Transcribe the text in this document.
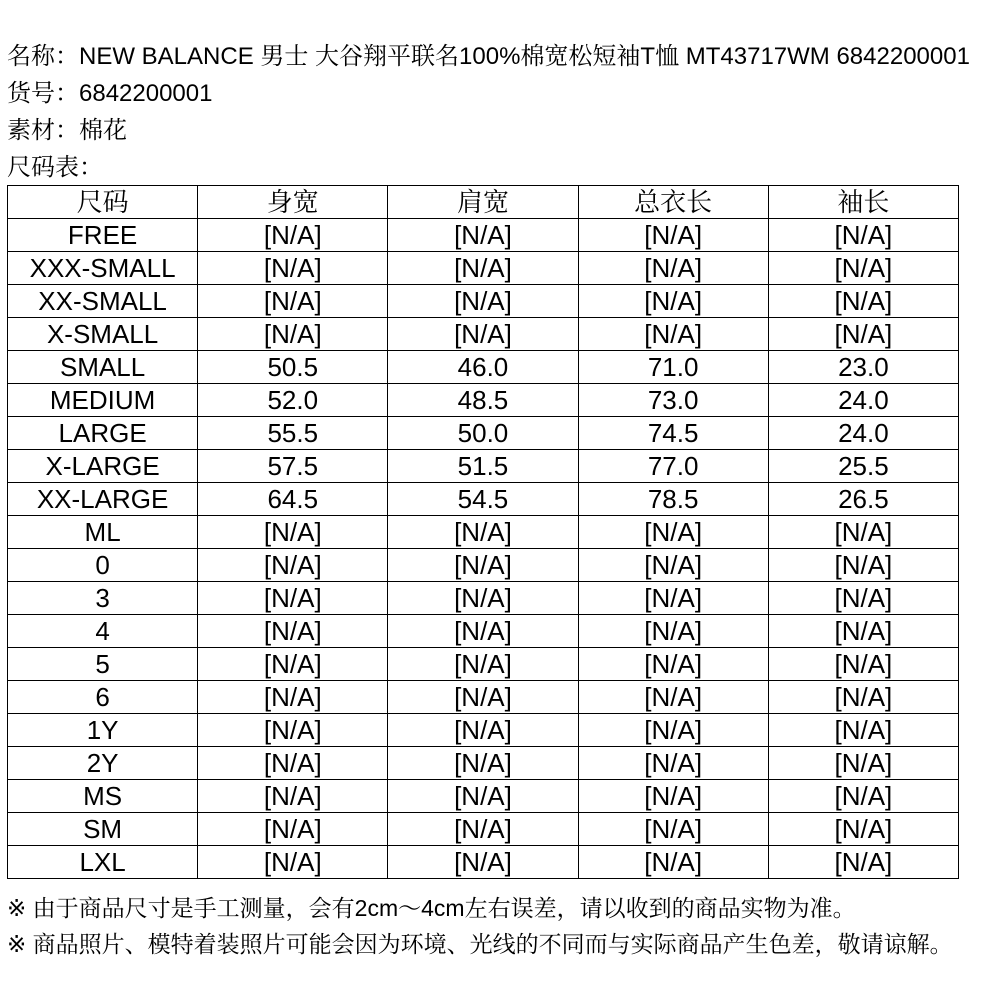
名称：NEW BALANCE 男士 大谷翔平联名100%棉宽松短袖T恤 MT43717WM 6842200001
货号：6842200001
素材：棉花
尺码表：
尺码	身宽	肩宽	总衣长	袖长
FREE	[N/A]	[N/A]	[N/A]	[N/A]
XXX-SMALL	[N/A]	[N/A]	[N/A]	[N/A]
XX-SMALL	[N/A]	[N/A]	[N/A]	[N/A]
X-SMALL	[N/A]	[N/A]	[N/A]	[N/A]
SMALL	50.5	46.0	71.0	23.0
MEDIUM	52.0	48.5	73.0	24.0
LARGE	55.5	50.0	74.5	24.0
X-LARGE	57.5	51.5	77.0	25.5
XX-LARGE	64.5	54.5	78.5	26.5
ML	[N/A]	[N/A]	[N/A]	[N/A]
0	[N/A]	[N/A]	[N/A]	[N/A]
3	[N/A]	[N/A]	[N/A]	[N/A]
4	[N/A]	[N/A]	[N/A]	[N/A]
5	[N/A]	[N/A]	[N/A]	[N/A]
6	[N/A]	[N/A]	[N/A]	[N/A]
1Y	[N/A]	[N/A]	[N/A]	[N/A]
2Y	[N/A]	[N/A]	[N/A]	[N/A]
MS	[N/A]	[N/A]	[N/A]	[N/A]
SM	[N/A]	[N/A]	[N/A]	[N/A]
LXL	[N/A]	[N/A]	[N/A]	[N/A]
※ 由于商品尺寸是手工测量，会有2cm～4cm左右误差，请以收到的商品实物为准。
※ 商品照片、模特着装照片可能会因为环境、光线的不同而与实际商品产生色差，敬请谅解。
